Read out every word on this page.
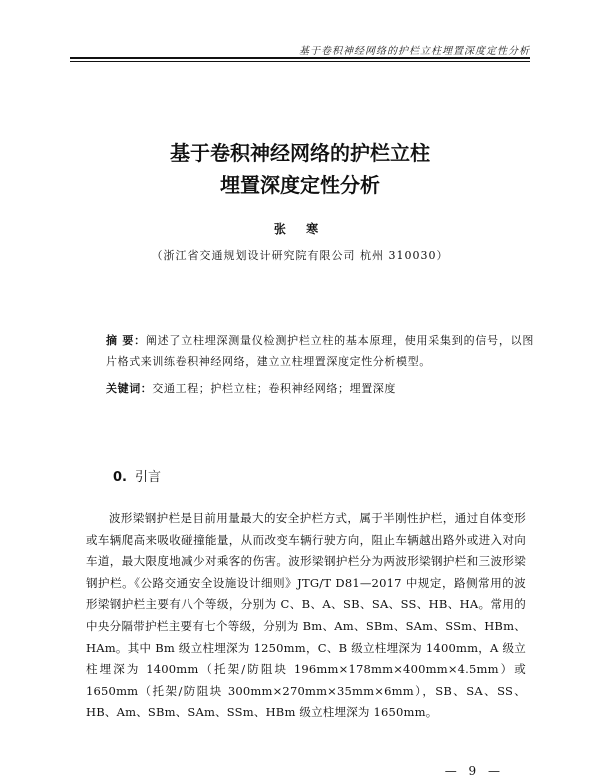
基于卷积神经网络的护栏立柱埋置深度定性分析
基于卷积神经网络的护栏立柱
埋置深度定性分析
张 寒
（浙江省交通规划设计研究院有限公司 杭州 310030）

摘 要：阐述了立柱埋深测量仪检测护栏立柱的基本原理，使用采集到的信号，以图片格式来训练卷积神经网络，建立立柱埋置深度定性分析模型。

关键词：交通工程；护栏立柱；卷积神经网络；埋置深度

0. 引言

波形梁钢护栏是目前用量最大的安全护栏方式，属于半刚性护栏，通过自体变形或车辆爬高来吸收碰撞能量，从而改变车辆行驶方向，阻止车辆越出路外或进入对向车道，最大限度地减少对乘客的伤害。波形梁钢护栏分为两波形梁钢护栏和三波形梁钢护栏。《公路交通安全设施设计细则》JTG/T D81—2017 中规定，路侧常用的波形梁钢护栏主要有八个等级，分别为 C、B、A、SB、SA、SS、HB、HA。常用的中央分隔带护栏主要有七个等级，分别为 Bm、Am、SBm、SAm、SSm、HBm、HAm。其中 Bm 级立柱埋深为 1250mm，C、B 级立柱埋深为 1400mm，A 级立柱埋深为 1400mm（托架/防阻块 196mm×178mm×400mm×4.5mm）或 1650mm（托架/防阻块 300mm×270mm×35mm×6mm），SB、SA、SS、HB、Am、SBm、SAm、SSm、HBm 级立柱埋深为 1650mm。

— 9 —
